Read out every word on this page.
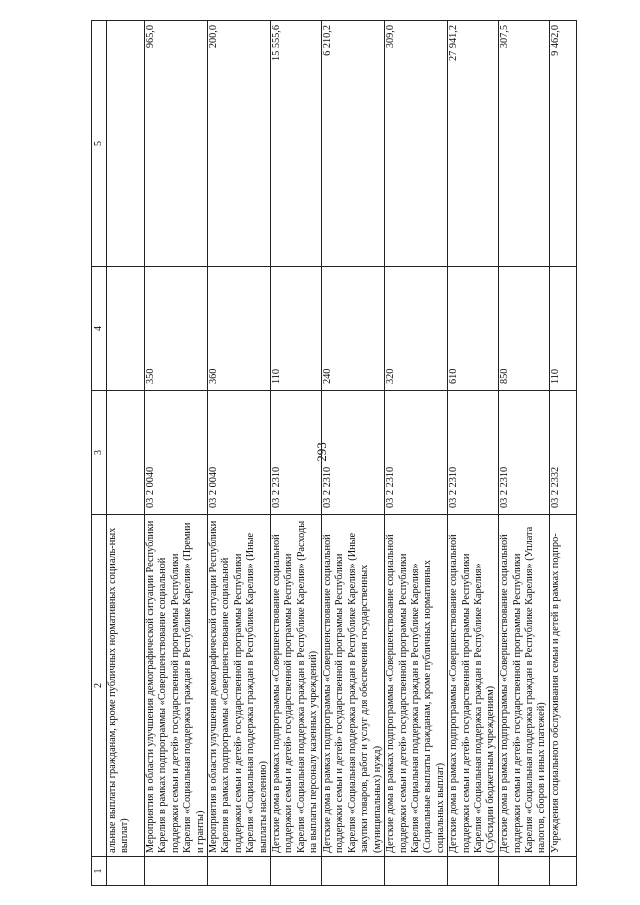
293
1	2	3	4	5
	альные выплаты гражданам, кроме публичных нормативных социаль-ных выплат)			
	Мероприятия в области улучшения демографической ситуации Республики Карелия в рамках подпрограммы «Совершенствование социальной поддержки семьи и детей» государственной программы Республики Карелия «Социальная поддержка граждан в Республике Карелия» (Премии и гранты)	03 2 0040	350	965,0
	Мероприятия в области улучшения демографической ситуации Республики Карелия в рамках подпрограммы «Совершенствование социальной поддержки семьи и детей» государственной программы Республики Карелия «Социальная поддержка граждан в Республике Карелия» (Иные выплаты населению)	03 2 0040	360	200,0
	Детские дома в рамках подпрограммы «Совершенствование социальной поддержки семьи и детей» государственной программы Республики Карелия «Социальная поддержка граждан в Республике Карелия» (Расходы на выплаты персоналу казенных учреждений)	03 2 2310	110	15 555,6
	Детские дома в рамках подпрограммы «Совершенствование социальной поддержки семьи и детей» государственной программы Республики Карелия «Социальная поддержка граждан в Республике Карелия» (Иные закупки товаров, работ и услуг для обеспечения государственных (муниципальных) нужд)	03 2 2310	240	6 210,2
	Детские дома в рамках подпрограммы «Совершенствование социальной поддержки семьи и детей» государственной программы Республики Карелия «Социальная поддержка граждан в Республике Карелия» (Социальные выплаты гражданам, кроме публичных нормативных социальных выплат)	03 2 2310	320	309,0
	Детские дома в рамках подпрограммы «Совершенствование социальной поддержки семьи и детей» государственной программы Республики Карелия «Социальная поддержка граждан в Республике Карелия» (Субсидии бюджетным учреждениям)	03 2 2310	610	27 941,2
	Детские дома в рамках подпрограммы «Совершенствование социальной поддержки семьи и детей» государственной программы Республики Карелия «Социальная поддержка граждан в Республике Карелия» (Уплата налогов, сборов и иных платежей)	03 2 2310	850	307,5
	Учреждения социального обслуживания семьи и детей в рамках подпро-	03 2 2332	110	9 462,0
